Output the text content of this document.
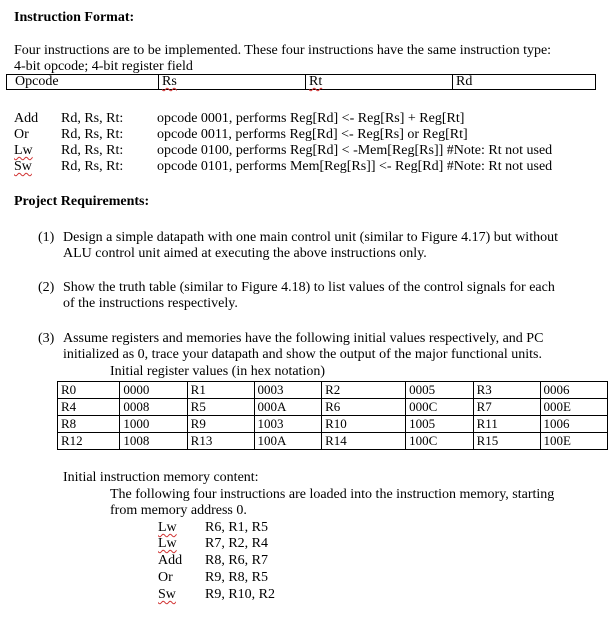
Instruction Format:
Four instructions are to be implemented. These four instructions have the same instruction type:
4-bit opcode; 4-bit register field
Opcode	Rs	Rt	Rd
Add Rd, Rs, Rt: opcode 0001, performs Reg[Rd] <- Reg[Rs] + Reg[Rt]
Or Rd, Rs, Rt: opcode 0011, performs Reg[Rd] <- Reg[Rs] or Reg[Rt]
Lw Rd, Rs, Rt: opcode 0100, performs Reg[Rd] < -Mem[Reg[Rs]] #Note: Rt not used
Sw Rd, Rs, Rt: opcode 0101, performs Mem[Reg[Rs]] <- Reg[Rd] #Note: Rt not used
Project Requirements:
(1) Design a simple datapath with one main control unit (similar to Figure 4.17) but without
ALU control unit aimed at executing the above instructions only.
(2) Show the truth table (similar to Figure 4.18) to list values of the control signals for each
of the instructions respectively.
(3) Assume registers and memories have the following initial values respectively, and PC
initialized as 0, trace your datapath and show the output of the major functional units.
Initial register values (in hex notation)
R0	0000	R1	0003	R2	0005	R3	0006
R4	0008	R5	000A	R6	000C	R7	000E
R8	1000	R9	1003	R10	1005	R11	1006
R12	1008	R13	100A	R14	100C	R15	100E
Initial instruction memory content:
The following four instructions are loaded into the instruction memory, starting
from memory address 0.
Lw R6, R1, R5
Lw R7, R2, R4
Add R8, R6, R7
Or R9, R8, R5
Sw R9, R10, R2
